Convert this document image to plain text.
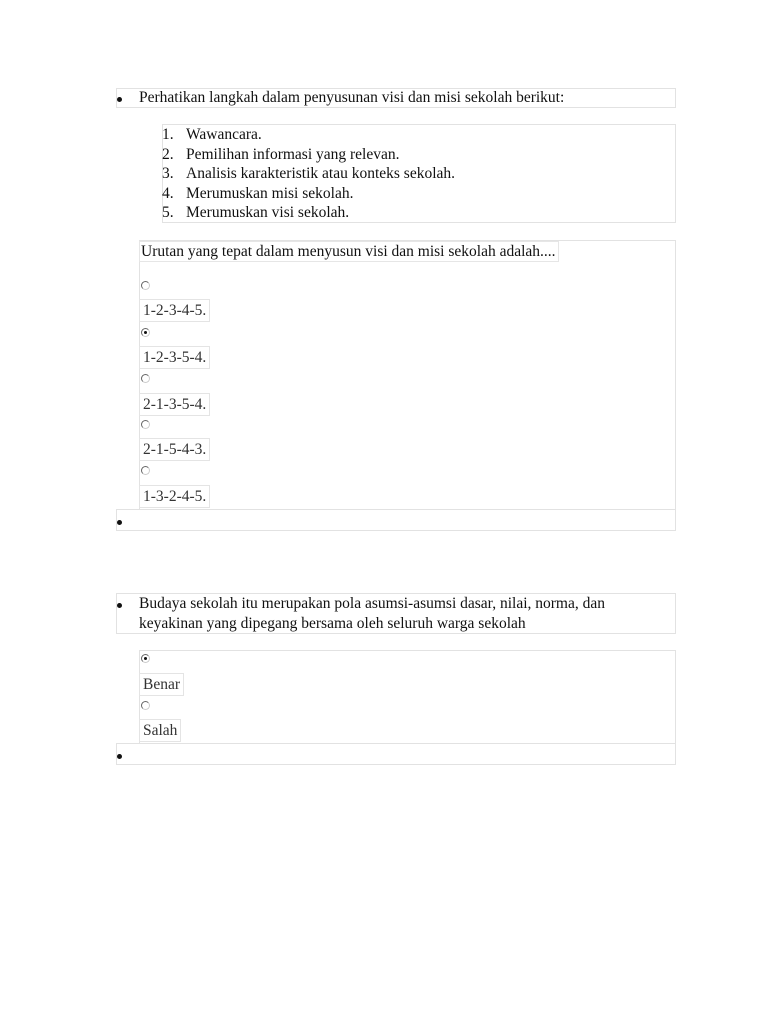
Perhatikan langkah dalam penyusunan visi dan misi sekolah berikut:
1. Wawancara.
2. Pemilihan informasi yang relevan.
3. Analisis karakteristik atau konteks sekolah.
4. Merumuskan misi sekolah.
5. Merumuskan visi sekolah.
Urutan yang tepat dalam menyusun visi dan misi sekolah adalah....
1-2-3-4-5.
1-2-3-5-4.
2-1-3-5-4.
2-1-5-4-3.
1-3-2-4-5.
Budaya sekolah itu merupakan pola asumsi-asumsi dasar, nilai, norma, dan
keyakinan yang dipegang bersama oleh seluruh warga sekolah
Benar
Salah
